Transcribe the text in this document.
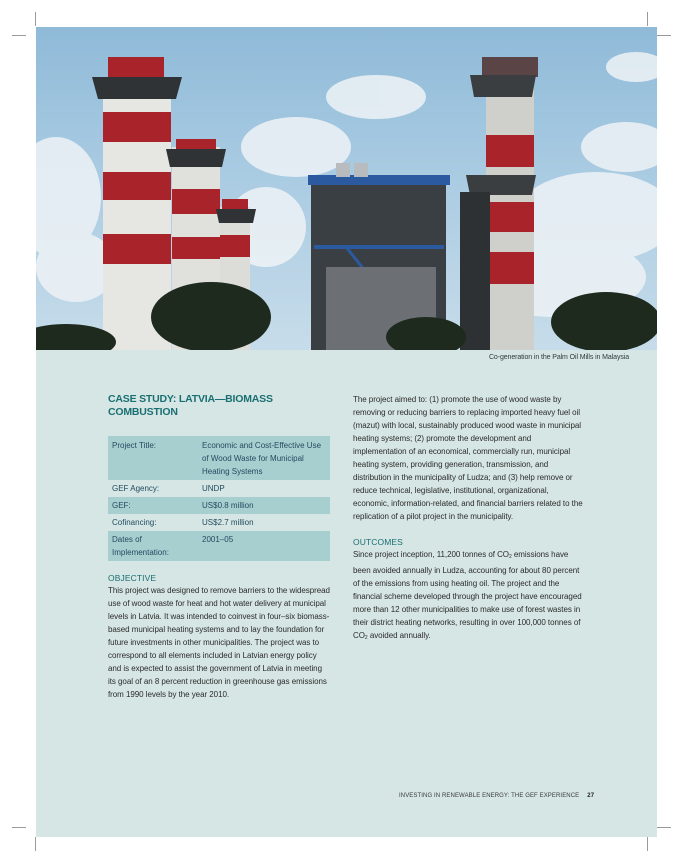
Co-generation in the Palm Oil Mills in Malaysia
CASE STUDY: LATVIA—BIOMASS COMBUSTION
Project Title:	Economic and Cost-Effective Use of Wood Waste for Municipal Heating Systems
GEF Agency:	UNDP
GEF:	US$0.8 million
Cofinancing:	US$2.7 million
Dates of Implementation:	2001–05
OBJECTIVE

This project was designed to remove barriers to the widespread use of wood waste for heat and hot water delivery at municipal levels in Latvia. It was intended to coinvest in four–six biomass-based municipal heating systems and to lay the foundation for future investments in other municipalities. The project was to correspond to all elements included in Latvian energy policy and is expected to assist the government of Latvia in meeting its goal of an 8 percent reduction in greenhouse gas emissions from 1990 levels by the year 2010.

The project aimed to: (1) promote the use of wood waste by removing or reducing barriers to replacing imported heavy fuel oil (mazut) with local, sustainably produced wood waste in municipal heating systems; (2) promote the development and implementation of an economical, commercially run, municipal heating system, providing generation, transmission, and distribution in the municipality of Ludza; and (3) help remove or reduce technical, legislative, institutional, organizational, economic, information-related, and financial barriers related to the replication of a pilot project in the municipality.

OUTCOMES

Since project inception, 11,200 tonnes of $CO_2$ emissions have been avoided annually in Ludza, accounting for about 80 percent of the emissions from using heating oil. The project and the financial scheme developed through the project have encouraged more than 12 other municipalities to make use of forest wastes in their district heating networks, resulting in over 100,000 tonnes of $CO_2$ avoided annually.

INVESTING IN RENEWABLE ENERGY: THE GEF EXPERIENCE 27
